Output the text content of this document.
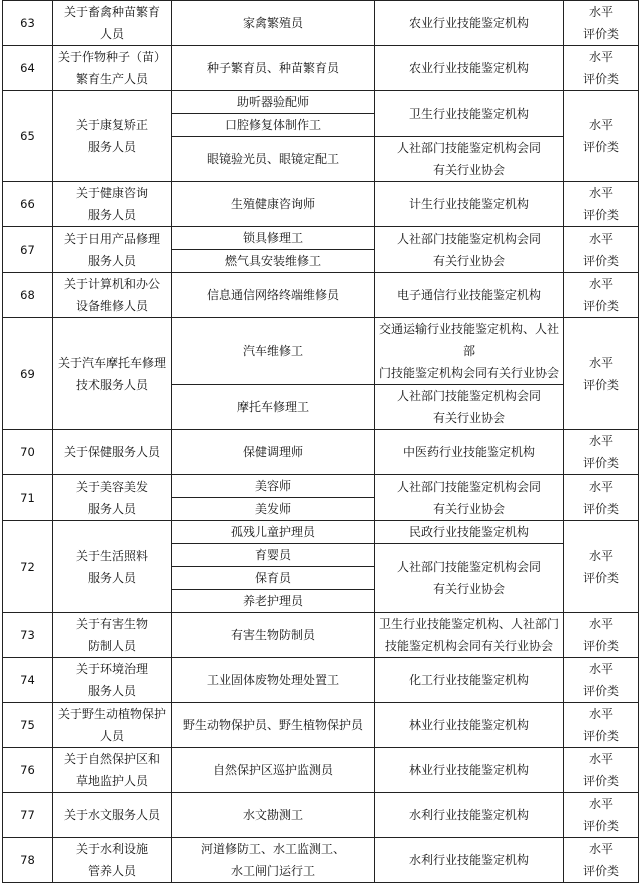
63	关于畜禽种苗繁育
人员	家禽繁殖员	农业行业技能鉴定机构	水平
评价类
64	关于作物种子（苗）
繁育生产人员	种子繁育员、种苗繁育员	农业行业技能鉴定机构	水平
评价类
65	关于康复矫正
服务人员	助听器验配师	卫生行业技能鉴定机构	水平
评价类
		口腔修复体制作工		
		眼镜验光员、眼镜定配工	人社部门技能鉴定机构会同
有关行业协会	
66	关于健康咨询
服务人员	生殖健康咨询师	计生行业技能鉴定机构	水平
评价类
67	关于日用产品修理
服务人员	锁具修理工	人社部门技能鉴定机构会同
有关行业协会	水平
评价类
		燃气具安装维修工		
68	关于计算机和办公
设备维修人员	信息通信网络终端维修员	电子通信行业技能鉴定机构	水平
评价类
69	关于汽车摩托车修理
技术服务人员	汽车维修工	交通运输行业技能鉴定机构、人社部
门技能鉴定机构会同有关行业协会	水平
评价类
		摩托车修理工	人社部门技能鉴定机构会同
有关行业协会	
70	关于保健服务人员	保健调理师	中医药行业技能鉴定机构	水平
评价类
71	关于美容美发
服务人员	美容师	人社部门技能鉴定机构会同
有关行业协会	水平
评价类
		美发师		
72	关于生活照料
服务人员	孤残儿童护理员	民政行业技能鉴定机构	水平
评价类
		育婴员	人社部门技能鉴定机构会同
有关行业协会	
		保育员		
		养老护理员		
73	关于有害生物
防制人员	有害生物防制员	卫生行业技能鉴定机构、人社部门
技能鉴定机构会同有关行业协会	水平
评价类
74	关于环境治理
服务人员	工业固体废物处理处置工	化工行业技能鉴定机构	水平
评价类
75	关于野生动植物保护
人员	野生动物保护员、野生植物保护员	林业行业技能鉴定机构	水平
评价类
76	关于自然保护区和
草地监护人员	自然保护区巡护监测员	林业行业技能鉴定机构	水平
评价类
77	关于水文服务人员	水文勘测工	水利行业技能鉴定机构	水平
评价类
78	关于水利设施
管养人员	河道修防工、水工监测工、
水工闸门运行工	水利行业技能鉴定机构	水平
评价类
